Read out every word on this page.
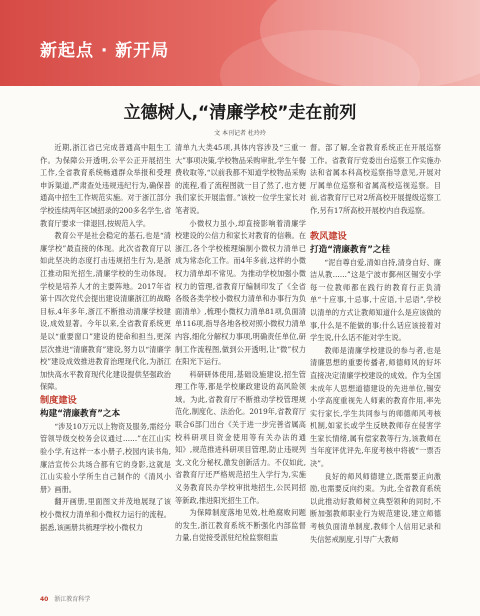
新起点 · 新开局
立德树人,“清廉学校”走在前列
文 本刊记者 杜玲玲

近期,浙江省已完成普通高中阻生工作。为保障公开透明,公平公正开展招生工作,全省教育系统畅通群众举报和受理申诉渠道,严肃查处违规违纪行为,确保普通高中招生工作规范实施。对于浙江部分学校连续两年区域招录的200多名学生,省教育厅要求一律退回,按规范入学。

教育公平是社会稳定的基石,也是“清廉学校”最直接的体现。此次省教育厅以如此坚决的态度打击违规招生行为,是浙江推动阳光招生,清廉学校的生动体现。学校是培养人才的主要阵地。2017年省第十四次党代会提出建设清廉浙江的战略目标,4年多年,浙江不断推动清廉学校建设,成效显著。今年以来,全省教育系统更是以“重要窗口”建设的使命和担当,更深层次推进“清廉教育”建设,努力以“清廉学校”建设成效推进教育治理现代化,为浙江加快高水平教育现代化建设提供坚强政治保障。

制度建设

构建“清廉教育”之本

“涉及10万元以上物资及服务,需经分管领导级交校务会议通过……”在江山实验小学,有这样一本小册子,校园内读书角,廉洁宣传公共场合都有它的身影,这就是江山实验小学所生自己制作的《清风小册》画册。

翻开画册,里面图文并茂地展现了该校小微权力清单和小微权力运行的流程。据悉,该画册共梳理学校小微权力

清单九大类45项,具体内容涉及“三重一大”事项决策,学校物品采购审批,学生午餐费收取等,“以前我都不知道学校物品采购的流程,看了流程图就一目了然了,也方便我们家长开展监督。”该校一位学生家长对笔者说。

小微权力虽小,却直接影响着清廉学校建设的公信力和家长对教育的信赖。在浙江,各个学校梳理编制小微权力清单已成为常态化工作。而4年多前,这样的小微权力清单却不常见。为推动学校加强小微权力的管理,省教育厅编制印发了《全省各级各类学校小微权力清单和办事行为负面清单》,梳理小微权力清单81项,负面清单116项,指导各地各校对照小微权力清单内容,细化分解权力事项,明确责任单位,研制工作流程图,做到公开透明,让“微”权力在阳光下运行。

科研研体使用,基础设施建设,招生管理工作等,都是学校廉政建设的高风险领域。为此,省教育厅不断推动学校管理规范化,制度化、法治化。2019年,省教育厅联合6部门出台《关于进一步完善省属高校科研项目资金使用等有关办法的通知》,规范推进科研项目管理,防止违规列支,文化分秘权,激发创新活力。不仅如此,省教育厅还严格规范招生入学行为,实施义务教育民办学校审批地招生,公民同招等新政,推进阳光招生工作。

为保障制度落地见效,杜绝腐败问题的发生,浙江教育系统不断强化内部监督力量,自觉接受派驻纪检监察组监

督。部了解,全省教育系统正在开展巡察工作。省教育厅党委出台巡察工作实施办法和省属本科高校巡察指导意见,开展对厅属单位巡察和省属高校巡视巡察。目前,省教育厅已对2所高校开展提级巡察工作,另有17所高校开展校内自我巡察。

教风建设

打造“清廉教育”之桂

“泥自尊自爱,清如自持,清身自好、廉洁从教……”这是宁波市鄞州区锡安小学每一位教师都在践行的教育行正负清单“十应事,十忌事,十应语,十忌语”,学校以清单的方式让教师知道什么是应该做的事,什么是不能做的事;什么话应该接着对学生说,什么话不能对学生说。

教师是清廉学校建设的参与者,也是清廉思想的重要传播者,师德师风的好坏直接决定清廉学校建设的成效。作为全国未成年人思想道德建设的先进单位,锡安小学高度重视先人师素的教育作用,率先实行家长,学生共同参与的师德师风考核机制,如家长或学生反映教师存在侵害学生家长情绪,属有偿家教等行为,该教师在当年度评优评先,年度考核中将被“一票否决”。

良好的师风师德建立,既需要正向激励,也需要反向约束。为此,全省教育系统以此推动好教师树立典型领种的同时,不断加强教师职业行为规范建设,建立师德考核负面清单制度,教师个人信用记录和失信惩戒制度,引导广大教师

40 浙江教育科学
